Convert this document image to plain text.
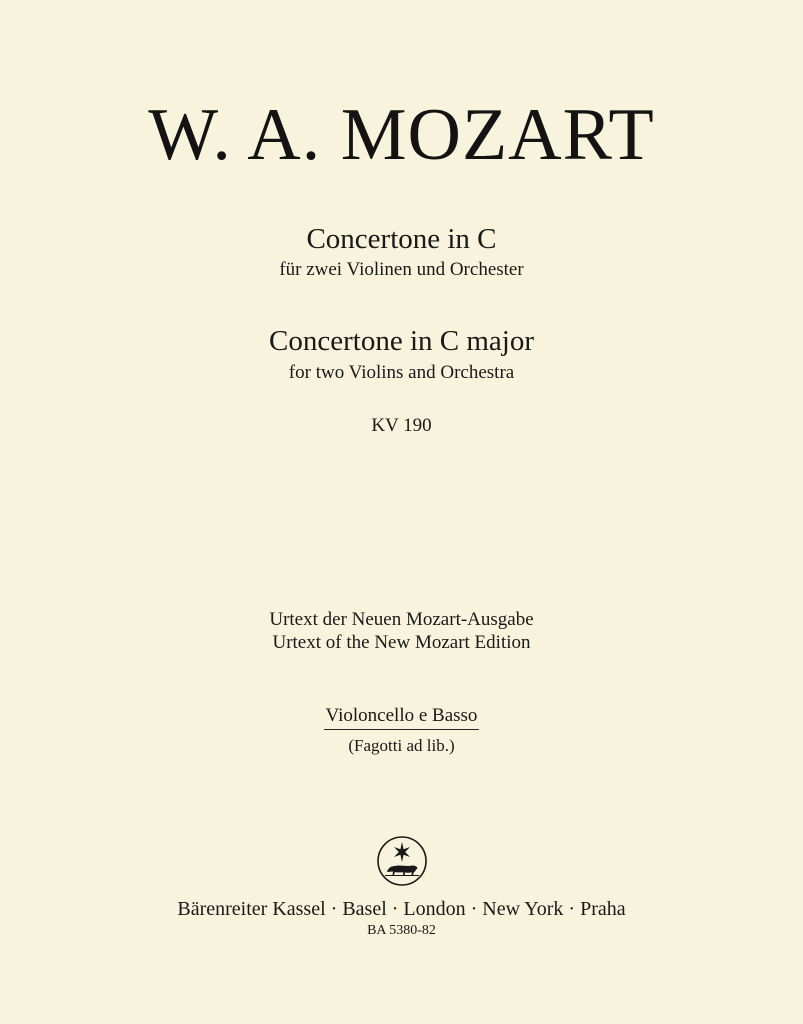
W. A. MOZART
Concertone in C
für zwei Violinen und Orchester
Concertone in C major
for two Violins and Orchestra
KV 190
Urtext der Neuen Mozart-Ausgabe
Urtext of the New Mozart Edition
Violoncello e Basso
(Fagotti ad lib.)
Bärenreiter Kassel · Basel · London · New York · Praha
BA 5380-82
